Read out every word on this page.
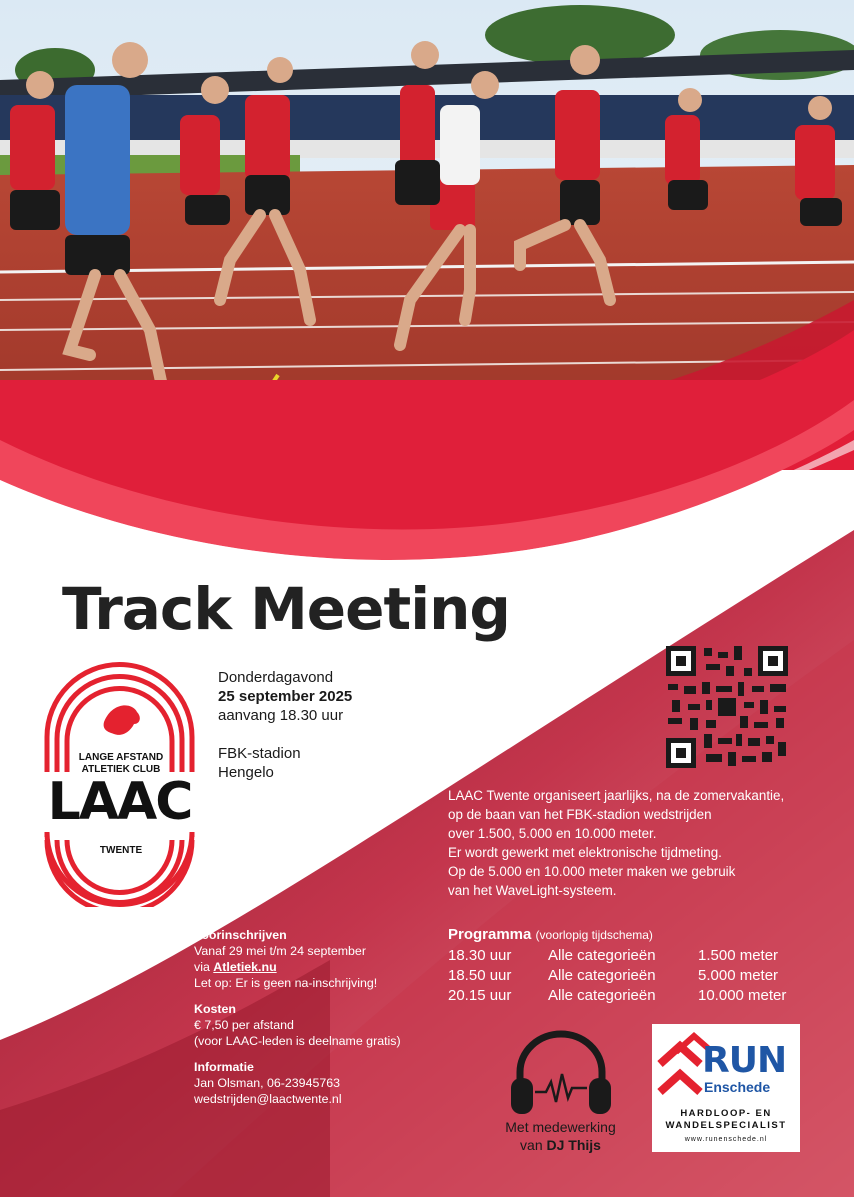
Track Meeting
LANGE AFSTAND
ATLETIEK CLUB
LAAC
TWENTE
Donderdagavond
25 september 2025
aanvang 18.30 uur
FBK-stadion
Hengelo
LAAC Twente organiseert jaarlijks, na de zomervakantie,
op de baan van het FBK-stadion wedstrijden
over 1.500, 5.000 en 10.000 meter.
Er wordt gewerkt met elektronische tijdmeting.
Op de 5.000 en 10.000 meter maken we gebruik
van het WaveLight-systeem.
Programma (voorlopig tijdschema)
18.30 uur	Alle categorieën	1.500 meter
18.50 uur	Alle categorieën	5.000 meter
20.15 uur	Alle categorieën	10.000 meter
Voorinschrijven
Vanaf 29 mei t/m 24 september
via Atletiek.nu
Let op: Er is geen na-inschrijving!
Kosten
€ 7,50 per afstand
(voor LAAC-leden is deelname gratis)
Informatie
Jan Olsman, 06-23945763
wedstrijden@laactwente.nl
Met medewerking
van DJ Thijs
RUN
Enschede
HARDLOOP- EN
WANDELSPECIALIST
www.runenschede.nl
